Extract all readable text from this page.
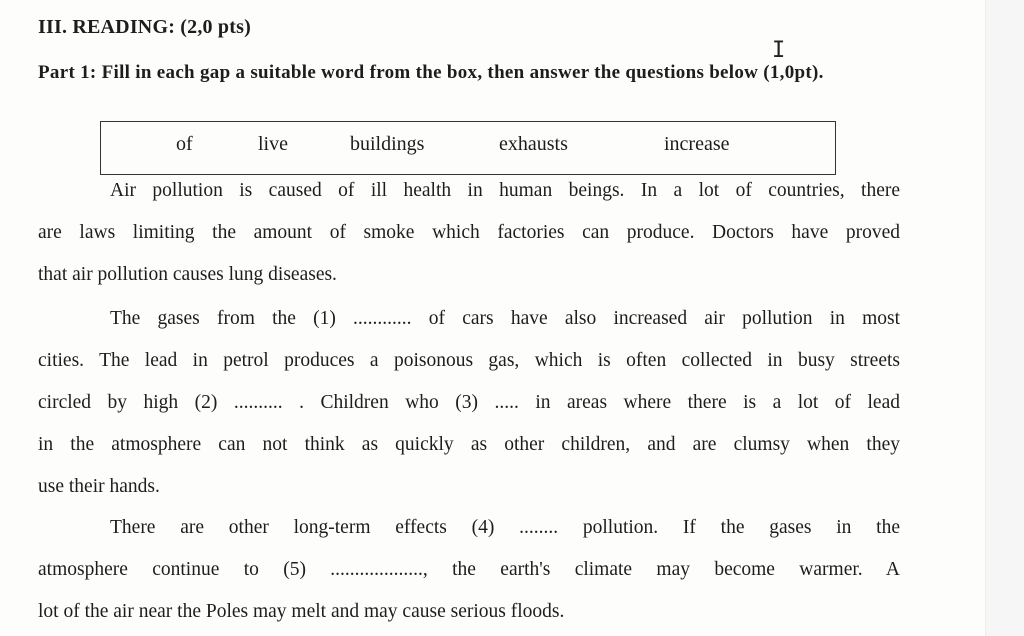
III. READING: (2,0 pts)
Part 1: Fill in each gap a suitable word from the box, then answer the questions below (1,0pt).
I
of	live	buildings	exhausts	increase
Air pollution is caused of ill health in human beings. In a lot of countries, there
are laws limiting the amount of smoke which factories can produce. Doctors have proved
that air pollution causes lung diseases.
The gases from the (1) ............ of cars have also increased air pollution in most
cities. The lead in petrol produces a poisonous gas, which is often collected in busy streets
circled by high (2) .......... . Children who (3) ..... in areas where there is a lot of lead
in the atmosphere can not think as quickly as other children, and are clumsy when they
use their hands.
There are other long-term effects (4) ........ pollution. If the gases in the
atmosphere continue to (5) ..................., the earth's climate may become warmer. A
lot of the air near the Poles may melt and may cause serious floods.
